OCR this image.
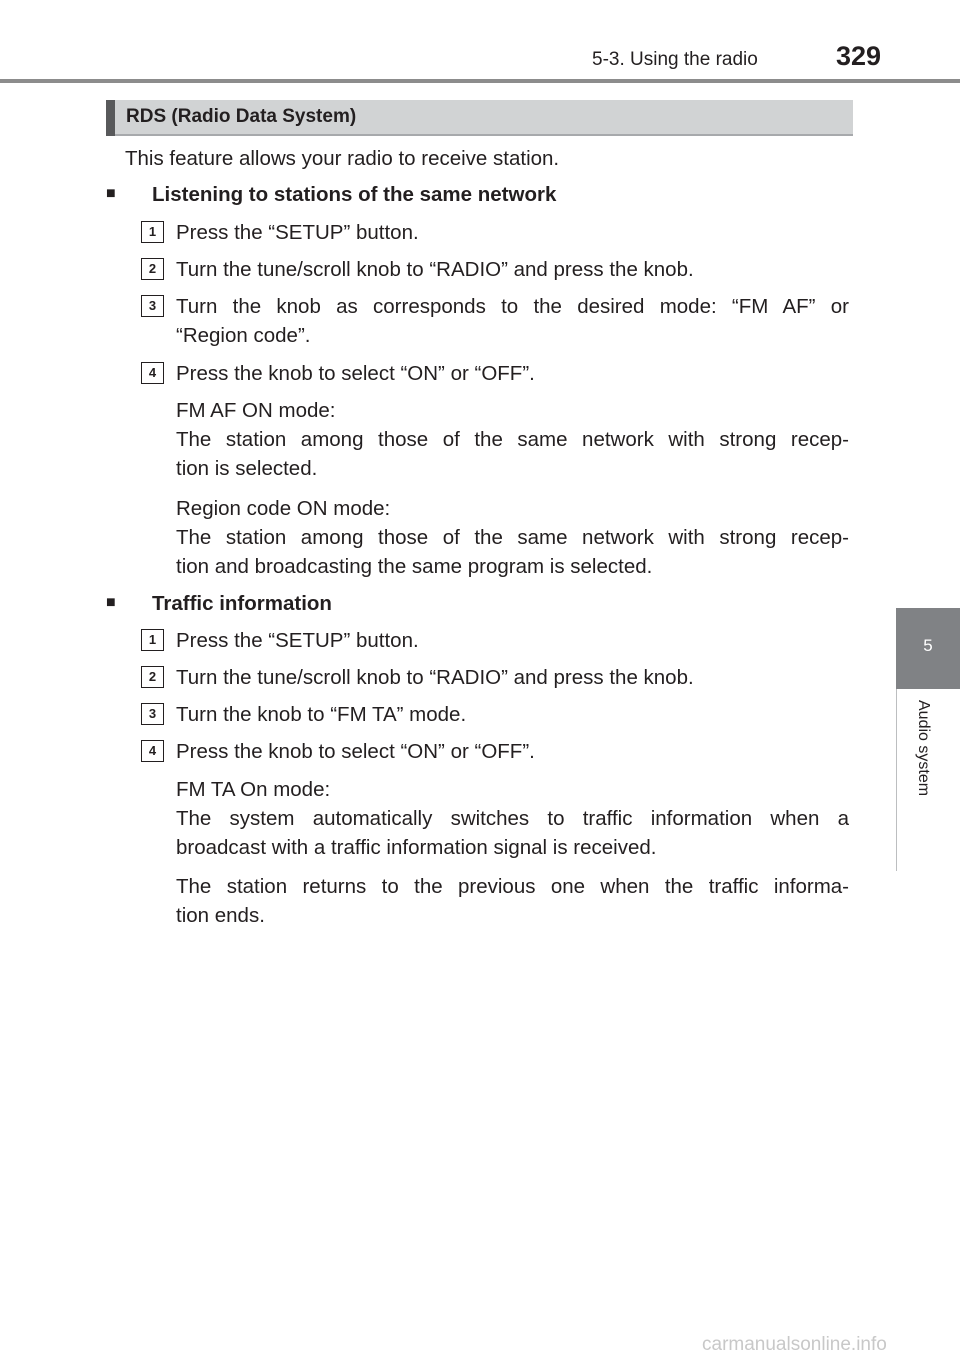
5-3. Using the radio	329
5
Audio system
RDS (Radio Data System)
This feature allows your radio to receive station.
■ Listening to stations of the same network
1 Press the “SETUP” button.
2 Turn the tune/scroll knob to “RADIO” and press the knob.
3 Turn the knob as corresponds to the desired mode: “FM AF” or
“Region code”.
4 Press the knob to select “ON” or “OFF”.
FM AF ON mode:
The station among those of the same network with strong recep-
tion is selected.
Region code ON mode:
The station among those of the same network with strong recep-
tion and broadcasting the same program is selected.
■ Traffic information
1 Press the “SETUP” button.
2 Turn the tune/scroll knob to “RADIO” and press the knob.
3 Turn the knob to “FM TA” mode.
4 Press the knob to select “ON” or “OFF”.
FM TA On mode:
The system automatically switches to traffic information when a
broadcast with a traffic information signal is received.
The station returns to the previous one when the traffic informa-
tion ends.
carmanualsonline.info
